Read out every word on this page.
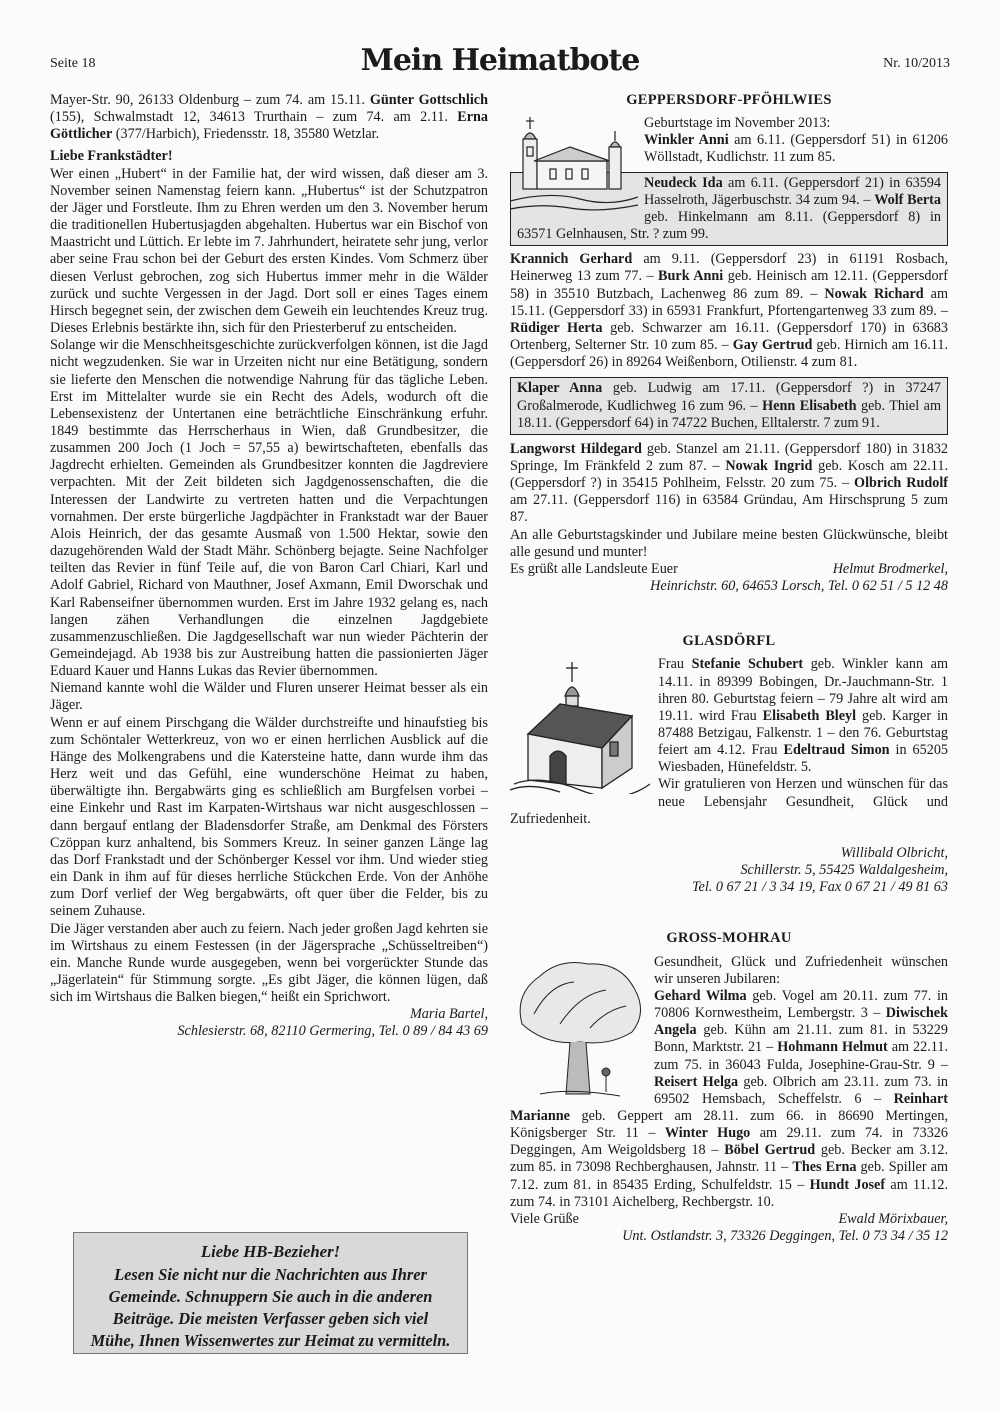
Seite 18	Mein Heimatbote	Nr. 10/2013

Mayer-Str. 90, 26133 Oldenburg – zum 74. am 15.11. Günter Gottschlich (155), Schwalmstadt 12, 34613 Trurthain – zum 74. am 2.11. Erna Göttlicher (377/Harbich), Friedensstr. 18, 35580 Wetzlar.

Liebe Frankstädter!

Wer einen „Hubert“ in der Familie hat, der wird wissen, daß dieser am 3. November seinen Namenstag feiern kann. „Hubertus“ ist der Schutzpatron der Jäger und Forstleute. Ihm zu Ehren werden um den 3. November herum die traditionellen Hubertusjagden abgehalten. Hubertus war ein Bischof von Maastricht und Lüttich. Er lebte im 7. Jahrhundert, heiratete sehr jung, verlor aber seine Frau schon bei der Geburt des ersten Kindes. Vom Schmerz über diesen Verlust gebrochen, zog sich Hubertus immer mehr in die Wälder zurück und suchte Vergessen in der Jagd. Dort soll er eines Tages einem Hirsch begegnet sein, der zwischen dem Geweih ein leuchtendes Kreuz trug. Dieses Erlebnis bestärkte ihn, sich für den Priesterberuf zu entscheiden.

Solange wir die Menschheitsgeschichte zurückverfolgen können, ist die Jagd nicht wegzudenken. Sie war in Urzeiten nicht nur eine Betätigung, sondern sie lieferte den Menschen die notwendige Nahrung für das tägliche Leben. Erst im Mittelalter wurde sie ein Recht des Adels, wodurch oft die Lebensexistenz der Untertanen eine beträchtliche Einschränkung erfuhr. 1849 bestimmte das Herrscherhaus in Wien, daß Grundbesitzer, die zusammen 200 Joch (1 Joch = 57,55 a) bewirtschafteten, ebenfalls das Jagdrecht erhielten. Gemeinden als Grundbesitzer konnten die Jagdreviere verpachten. Mit der Zeit bildeten sich Jagdgenossenschaften, die die Interessen der Landwirte zu vertreten hatten und die Verpachtungen vornahmen. Der erste bürgerliche Jagdpächter in Frankstadt war der Bauer Alois Heinrich, der das gesamte Ausmaß von 1.500 Hektar, sowie den dazugehörenden Wald der Stadt Mähr. Schönberg bejagte. Seine Nachfolger teilten das Revier in fünf Teile auf, die von Baron Carl Chiari, Karl und Adolf Gabriel, Richard von Mauthner, Josef Axmann, Emil Dworschak und Karl Rabenseifner übernommen wurden. Erst im Jahre 1932 gelang es, nach langen zähen Verhandlungen die einzelnen Jagdgebiete zusammenzuschließen. Die Jagdgesellschaft war nun wieder Pächterin der Gemeindejagd. Ab 1938 bis zur Austreibung hatten die passionierten Jäger Eduard Kauer und Hanns Lukas das Revier übernommen.

Niemand kannte wohl die Wälder und Fluren unserer Heimat besser als ein Jäger.

Wenn er auf einem Pirschgang die Wälder durchstreifte und hinaufstieg bis zum Schöntaler Wetterkreuz, von wo er einen herrlichen Ausblick auf die Hänge des Molkengrabens und die Katersteine hatte, dann wurde ihm das Herz weit und das Gefühl, eine wunderschöne Heimat zu haben, überwältigte ihn. Bergabwärts ging es schließlich am Burgfelsen vorbei – eine Einkehr und Rast im Karpaten-Wirtshaus war nicht ausgeschlossen – dann bergauf entlang der Bladensdorfer Straße, am Denkmal des Försters Czöppan kurz anhaltend, bis Sommers Kreuz. In seiner ganzen Länge lag das Dorf Frankstadt und der Schönberger Kessel vor ihm. Und wieder stieg ein Dank in ihm auf für dieses herrliche Stückchen Erde. Von der Anhöhe zum Dorf verlief der Weg bergabwärts, oft quer über die Felder, bis zu seinem Zuhause.

Die Jäger verstanden aber auch zu feiern. Nach jeder großen Jagd kehrten sie im Wirtshaus zu einem Festessen (in der Jägersprache „Schüsseltreiben“) ein. Manche Runde wurde ausgegeben, wenn bei vorgerückter Stunde das „Jägerlatein“ für Stimmung sorgte. „Es gibt Jäger, die können lügen, daß sich im Wirtshaus die Balken biegen,“ heißt ein Sprichwort.

Maria Bartel,

Schlesierstr. 68, 82110 Germering, Tel. 0 89 / 84 43 69

Liebe HB-Bezieher!
Lesen Sie nicht nur die Nachrichten aus Ihrer
Gemeinde. Schnuppern Sie auch in die anderen
Beiträge. Die meisten Verfasser geben sich viel
Mühe, Ihnen Wissenwertes zur Heimat zu vermitteln.
GEPPERSDORF-PFÖHLWIES

Geburtstage im November 2013:
Winkler Anni am 6.11. (Geppersdorf 51) in 61206 Wöllstadt, Kudlichstr. 11 zum 85.

Neudeck Ida am 6.11. (Geppersdorf 21) in 63594 Hasselroth, Jägerbuschstr. 34 zum 94. – Wolf Berta geb. Hinkelmann am 8.11. (Geppersdorf 8) in 63571 Gelnhausen, Str. ? zum 99.

Krannich Gerhard am 9.11. (Geppersdorf 23) in 61191 Rosbach, Heinerweg 13 zum 77. – Burk Anni geb. Heinisch am 12.11. (Geppersdorf 58) in 35510 Butzbach, Lachenweg 86 zum 89. – Nowak Richard am 15.11. (Geppersdorf 33) in 65931 Frankfurt, Pfortengartenweg 33 zum 89. – Rüdiger Herta geb. Schwarzer am 16.11. (Geppersdorf 170) in 63683 Ortenberg, Selterner Str. 10 zum 85. – Gay Gertrud geb. Hirnich am 16.11. (Geppersdorf 26) in 89264 Weißenborn, Otilienstr. 4 zum 81.

Klaper Anna geb. Ludwig am 17.11. (Geppersdorf ?) in 37247 Großalmerode, Kudlichweg 16 zum 96. – Henn Elisabeth geb. Thiel am 18.11. (Geppersdorf 64) in 74722 Buchen, Elltalerstr. 7 zum 91.

Langworst Hildegard geb. Stanzel am 21.11. (Geppersdorf 180) in 31832 Springe, Im Fränkfeld 2 zum 87. – Nowak Ingrid geb. Kosch am 22.11. (Geppersdorf ?) in 35415 Pohlheim, Felsstr. 20 zum 75. – Olbrich Rudolf am 27.11. (Geppersdorf 116) in 63584 Gründau, Am Hirschsprung 5 zum 87.

An alle Geburtstagskinder und Jubilare meine besten Glückwünsche, bleibt alle gesund und munter!

Es grüßt alle Landsleute Euer	Helmut Brodmerkel,

Heinrichstr. 60, 64653 Lorsch, Tel. 0 62 51 / 5 12 48

GLASDÖRFL

Frau Stefanie Schubert geb. Winkler kann am 14.11. in 89399 Bobingen, Dr.-Jauchmann-Str. 1 ihren 80. Geburtstag feiern – 79 Jahre alt wird am 19.11. wird Frau Elisabeth Bleyl geb. Karger in 87488 Betzigau, Falkenstr. 1 – den 76. Geburtstag feiert am 4.12. Frau Edeltraud Simon in 65205 Wiesbaden, Hünefeldstr. 5.

Wir gratulieren von Herzen und wünschen für das neue Lebensjahr Gesundheit, Glück und Zufriedenheit.

Willibald Olbricht,

Schillerstr. 5, 55425 Waldalgesheim,

Tel. 0 67 21 / 3 34 19, Fax 0 67 21 / 49 81 63

GROSS-MOHRAU

Gesundheit, Glück und Zufriedenheit wünschen wir unseren Jubilaren:
Gehard Wilma geb. Vogel am 20.11. zum 77. in 70806 Kornwestheim, Lembergstr. 3 – Diwischek Angela geb. Kühn am 21.11. zum 81. in 53229 Bonn, Marktstr. 21 – Hohmann Helmut am 22.11. zum 75. in 36043 Fulda, Josephine-Grau-Str. 9 – Reisert Helga geb. Olbrich am 23.11. zum 73. in 69502 Hemsbach, Scheffelstr. 6 – Reinhart Marianne geb. Geppert am 28.11. zum 66. in 86690 Mertingen, Königsberger Str. 11 – Winter Hugo am 29.11. zum 74. in 73326 Deggingen, Am Weigoldsberg 18 – Böbel Gertrud geb. Becker am 3.12. zum 85. in 73098 Rechberghausen, Jahnstr. 11 – Thes Erna geb. Spiller am 7.12. zum 81. in 85435 Erding, Schulfeldstr. 15 – Hundt Josef am 11.12. zum 74. in 73101 Aichelberg, Rechbergstr. 10.

Viele Grüße	Ewald Mörixbauer,

Unt. Ostlandstr. 3, 73326 Deggingen, Tel. 0 73 34 / 35 12
